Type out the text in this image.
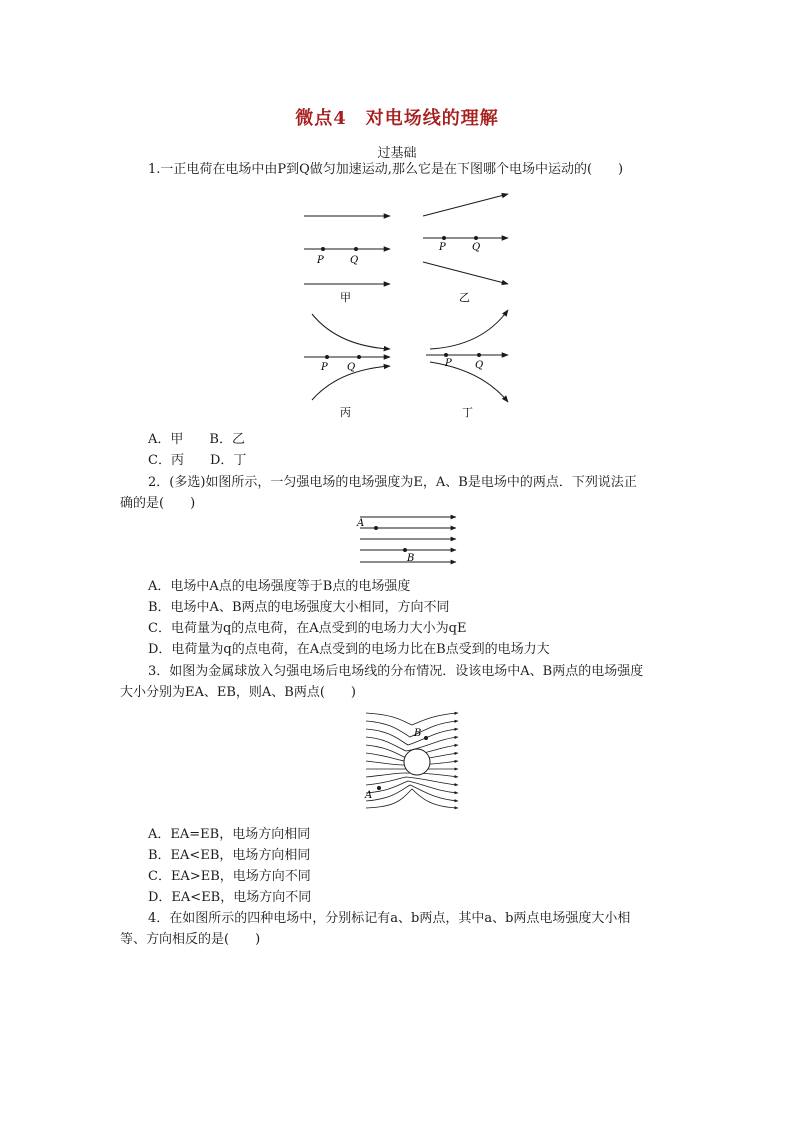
微点4　对电场线的理解
过基础
1.一正电荷在电场中由P到Q做匀加速运动,那么它是在下图哪个电场中运动的(　　)
P	Q
甲
P	Q
乙
P Q
丙
P Q
丁
A．甲　　B．乙
C．丙　　D．丁
2．(多选)如图所示，一匀强电场的电场强度为E，A、B是电场中的两点．下列说法正
确的是(　　)
A
B
A．电场中A点的电场强度等于B点的电场强度
B．电场中A、B两点的电场强度大小相同，方向不同
C．电荷量为q的点电荷，在A点受到的电场力大小为qE
D．电荷量为q的点电荷，在A点受到的电场力比在B点受到的电场力大
3．如图为金属球放入匀强电场后电场线的分布情况．设该电场中A、B两点的电场强度
大小分别为EA、EB，则A、B两点(　　)
B
A
A．EA=EB，电场方向相同
B．EA<EB，电场方向相同
C．EA>EB，电场方向不同
D．EA<EB，电场方向不同
4．在如图所示的四种电场中，分别标记有a、b两点，其中a、b两点电场强度大小相
等、方向相反的是(　　)
